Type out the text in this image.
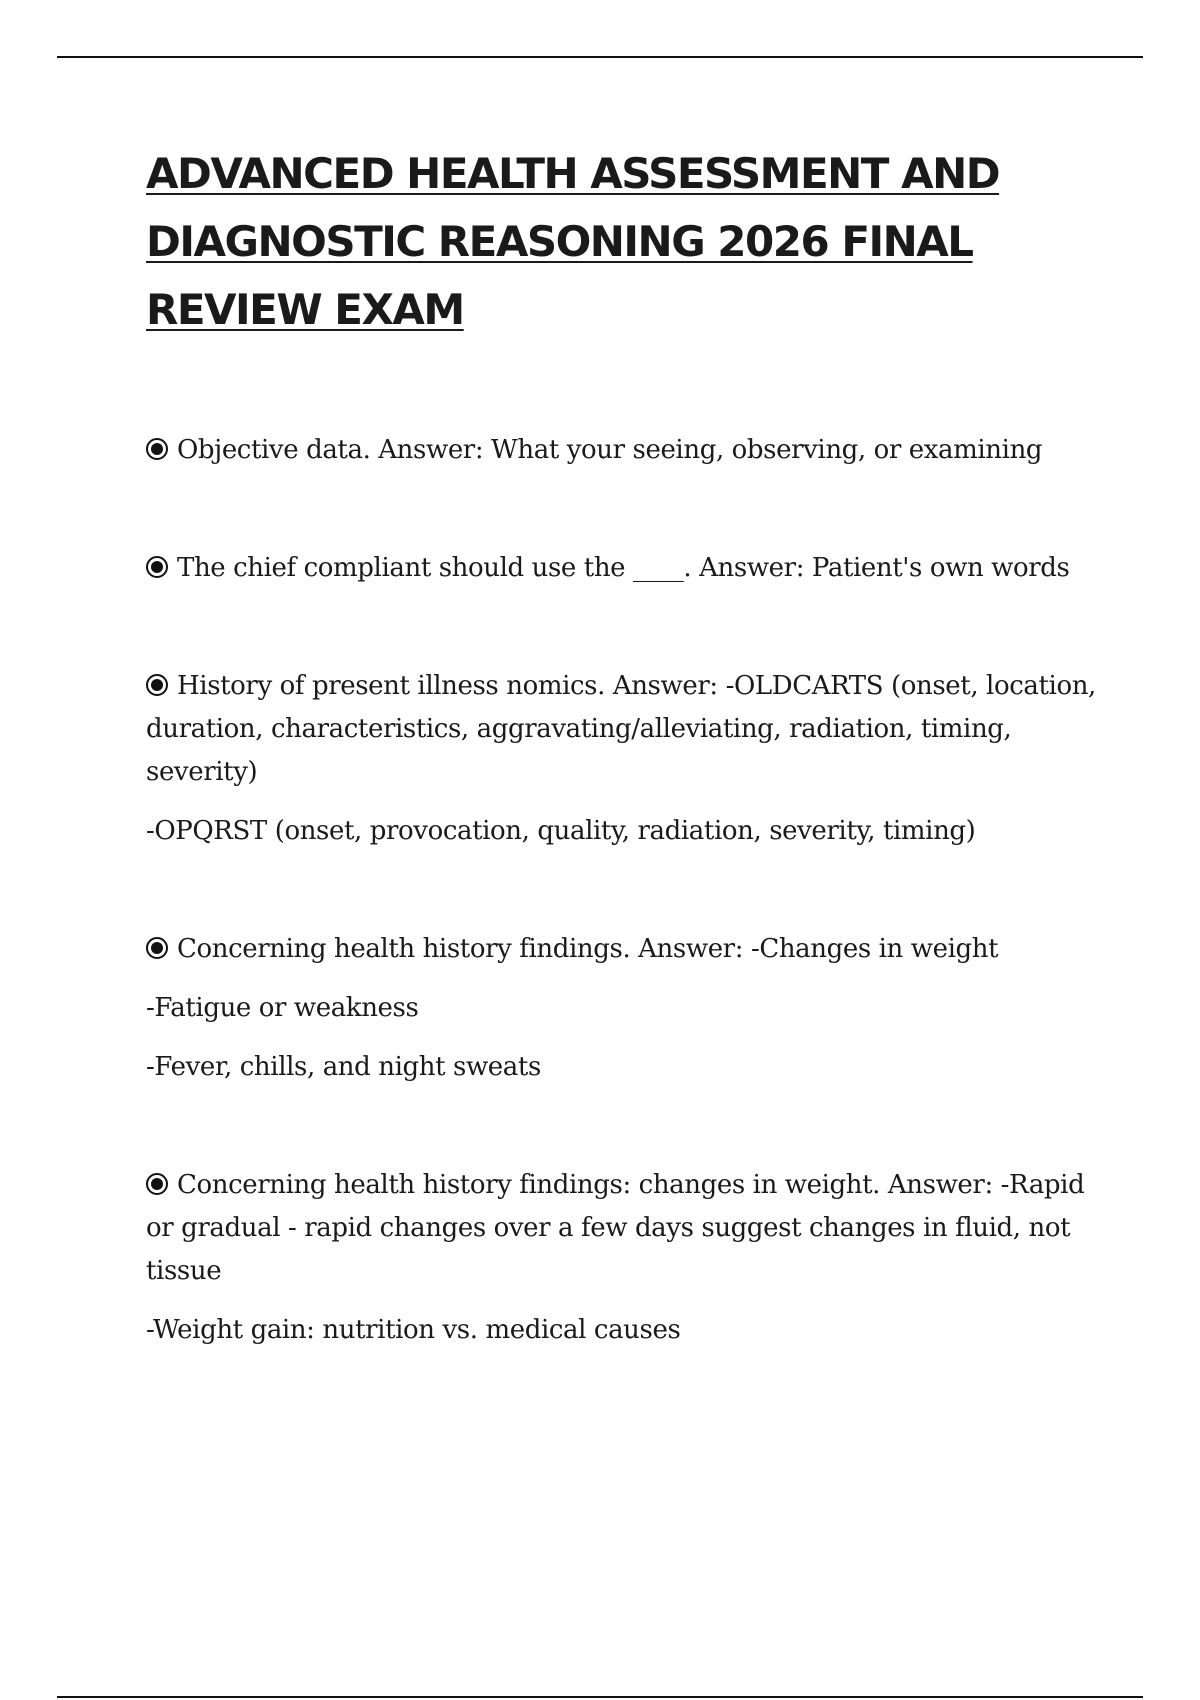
ADVANCED HEALTH ASSESSMENT AND DIAGNOSTIC REASONING 2026 FINAL REVIEW EXAM

Objective data. Answer: What your seeing, observing, or examining

The chief compliant should use the ____. Answer: Patient's own words

History of present illness nomics. Answer: -OLDCARTS (onset, location, duration, characteristics, aggravating/alleviating, radiation, timing, severity)

-OPQRST (onset, provocation, quality, radiation, severity, timing)

Concerning health history findings. Answer: -Changes in weight

-Fatigue or weakness

-Fever, chills, and night sweats

Concerning health history findings: changes in weight. Answer: -Rapid or gradual - rapid changes over a few days suggest changes in fluid, not tissue

-Weight gain: nutrition vs. medical causes
